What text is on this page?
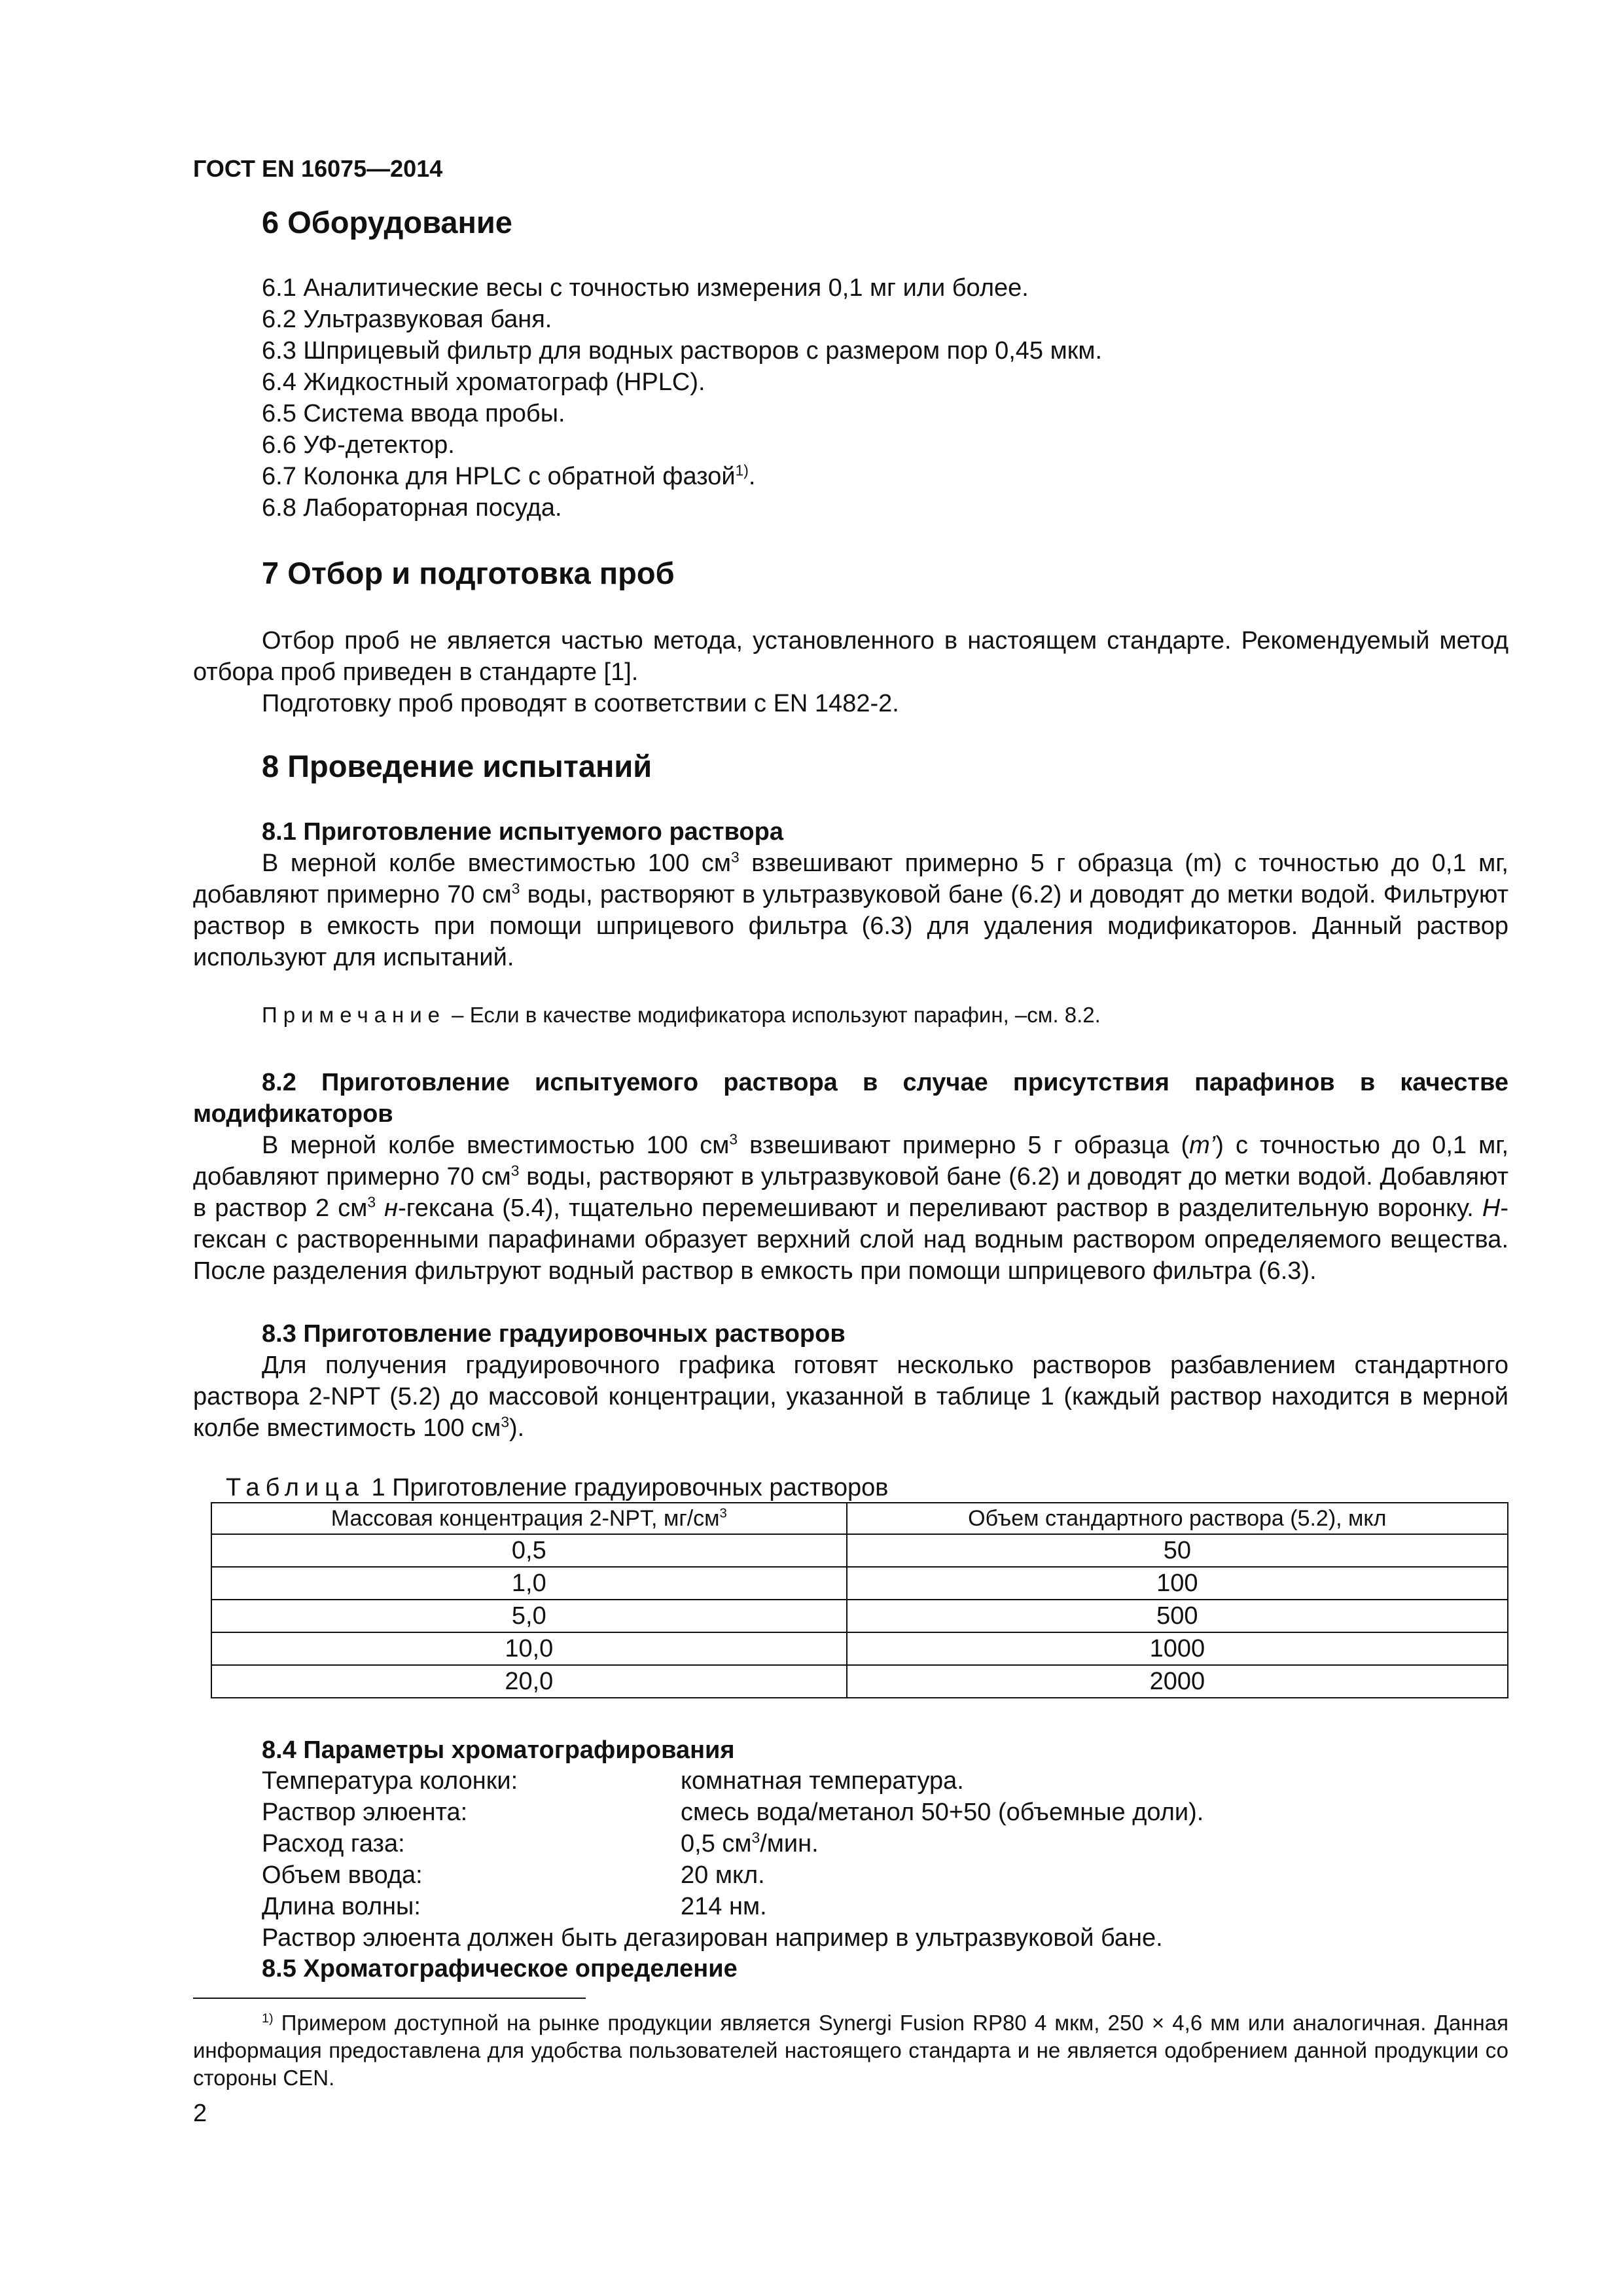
ГОСТ EN 16075—2014
6 Оборудование
6.1 Аналитические весы с точностью измерения 0,1 мг или более.
6.2 Ультразвуковая баня.
6.3 Шприцевый фильтр для водных растворов с размером пор 0,45 мкм.
6.4 Жидкостный хроматограф (HPLC).
6.5 Система ввода пробы.
6.6 УФ-детектор.
6.7 Колонка для HPLC с обратной фазой$^{1)}$.
6.8 Лабораторная посуда.
7 Отбор и подготовка проб
Отбор проб не является частью метода, установленного в настоящем стандарте. Рекомендуемый метод отбора проб приведен в стандарте [1].
Подготовку проб проводят в соответствии с EN 1482-2.
8 Проведение испытаний
8.1 Приготовление испытуемого раствора
В мерной колбе вместимостью 100 $см^3$ взвешивают примерно 5 г образца (m) с точностью до 0,1 мг, добавляют примерно 70 $см^3$ воды, растворяют в ультразвуковой бане (6.2) и доводят до метки водой. Фильтруют раствор в емкость при помощи шприцевого фильтра (6.3) для удаления модификаторов. Данный раствор используют для испытаний.
Примечание – Если в качестве модификатора используют парафин, –см. 8.2.
8.2 Приготовление испытуемого раствора в случае присутствия парафинов в качестве модификаторов
В мерной колбе вместимостью 100 $см^3$ взвешивают примерно 5 г образца (m’) с точностью до 0,1 мг, добавляют примерно 70 $см^3$ воды, растворяют в ультразвуковой бане (6.2) и доводят до метки водой. Добавляют в раствор 2 $см^3$ н-гексана (5.4), тщательно перемешивают и переливают раствор в разделительную воронку. Н-гексан с растворенными парафинами образует верхний слой над водным раствором определяемого вещества. После разделения фильтруют водный раствор в емкость при помощи шприцевого фильтра (6.3).
8.3 Приготовление градуировочных растворов
Для получения градуировочного графика готовят несколько растворов разбавлением стандартного раствора 2-NPT (5.2) до массовой концентрации, указанной в таблице 1 (каждый раствор находится в мерной колбе вместимость 100 $см^3$).
Таблица 1 Приготовление градуировочных растворов
Массовая концентрация 2-NPT, $мг/см^3$	Объем стандартного раствора (5.2), мкл
0,5	50
1,0	100
5,0	500
10,0	1000
20,0	2000
8.4 Параметры хроматографирования
Температура колонки:	комнатная температура.
Раствор элюента:	смесь вода/метанол 50+50 (объемные доли).
Расход газа:	0,5 $см^3$/мин.
Объем ввода:	20 мкл.
Длина волны:	214 нм.
Раствор элюента должен быть дегазирован например в ультразвуковой бане.
8.5 Хроматографическое определение
$^{1)}$ Примером доступной на рынке продукции является Synergi Fusion RP80 4 мкм, 250 × 4,6 мм или аналогичная. Данная информация предоставлена для удобства пользователей настоящего стандарта и не является одобрением данной продукции со стороны CEN.
2
